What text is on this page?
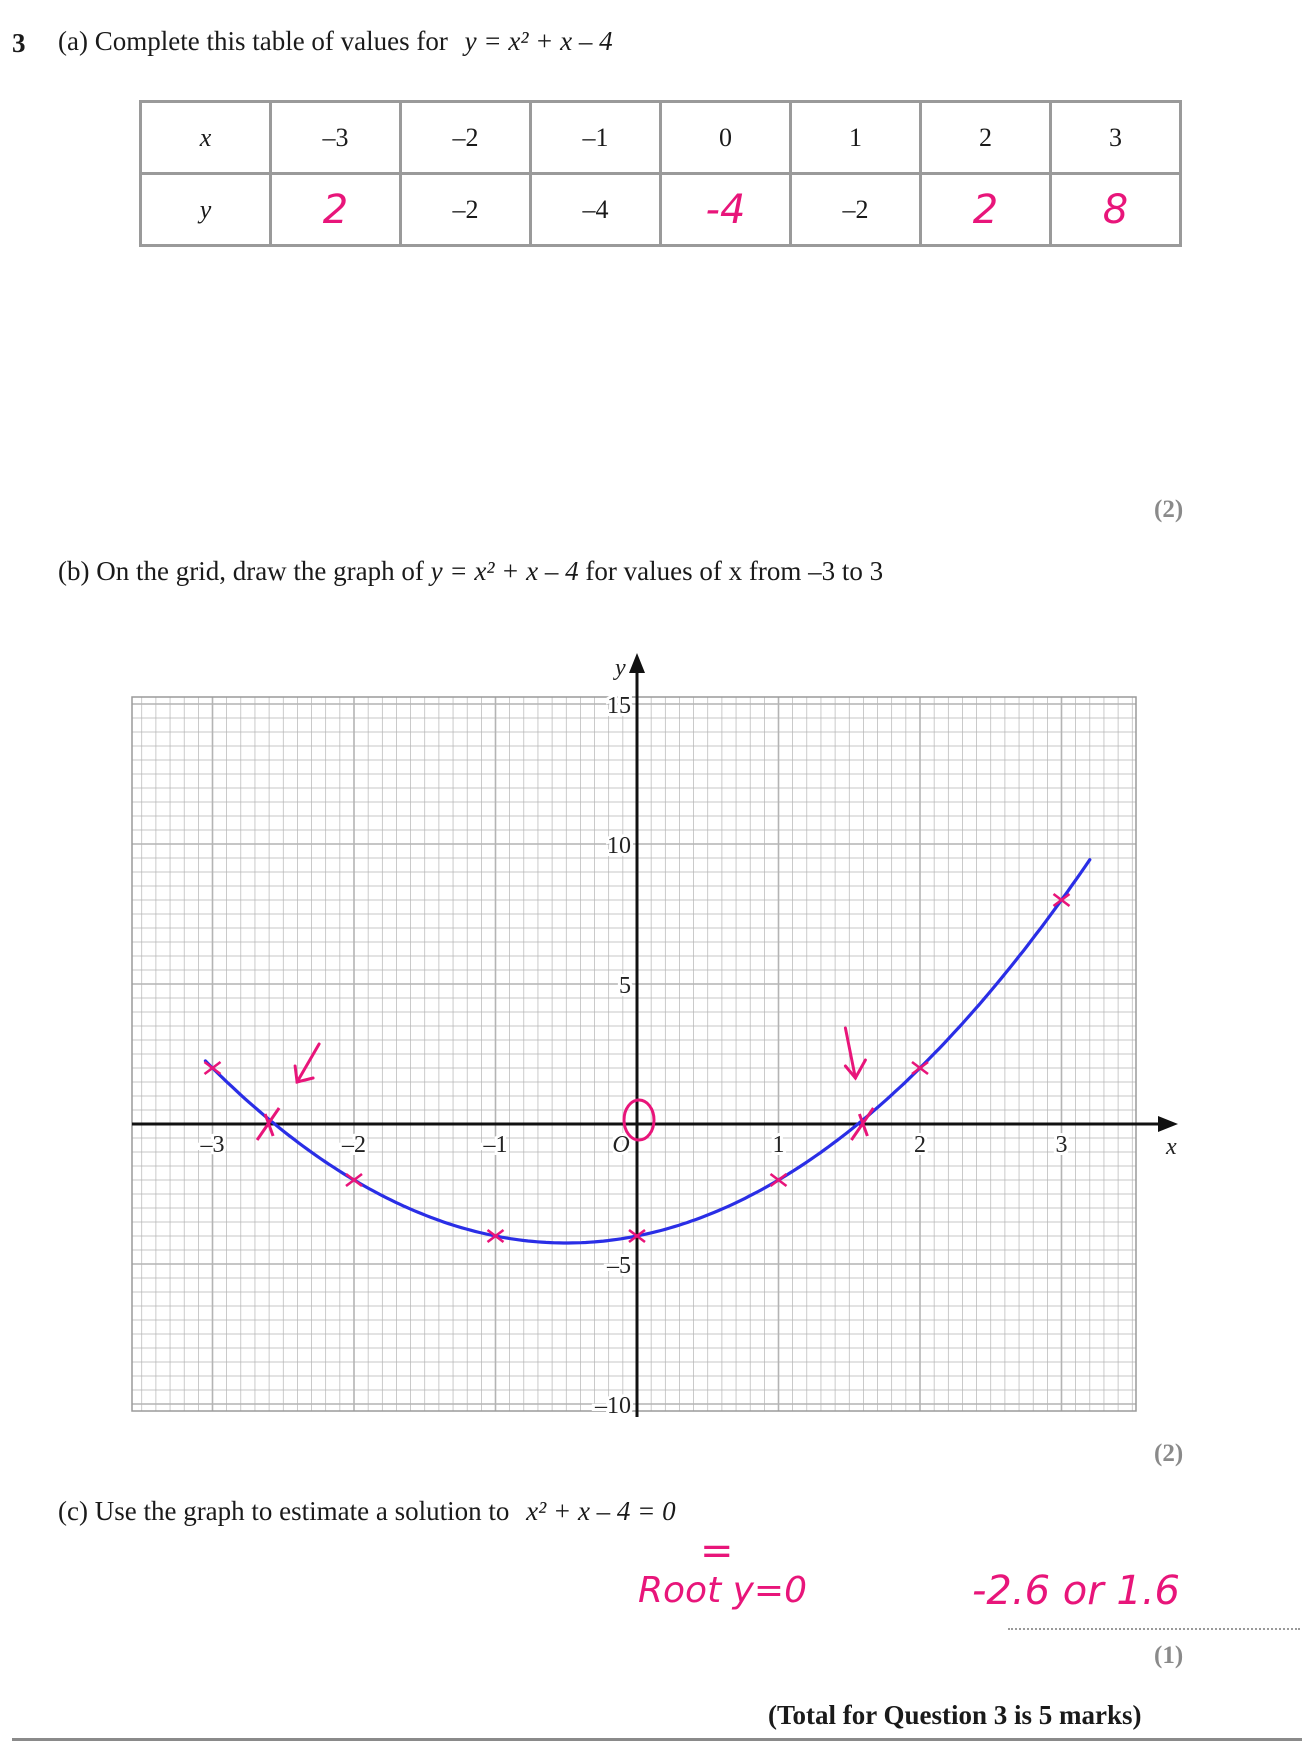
3 (a) Complete this table of values for y = x² + x – 4
x	–3	–2	–1	0	1	2	3
y	2	–2	–4	-4	–2	2	8
(2)
(b) On the grid, draw the graph of y = x² + x – 4 for values of x from –3 to 3
x
y
–3	–2	–1	1	2	3
15
10
5
–5
–10
O
(2)
(c) Use the graph to estimate a solution to x² + x – 4 = 0
=
Root y=0	-2.6 or 1.6
(1)
(Total for Question 3 is 5 marks)
